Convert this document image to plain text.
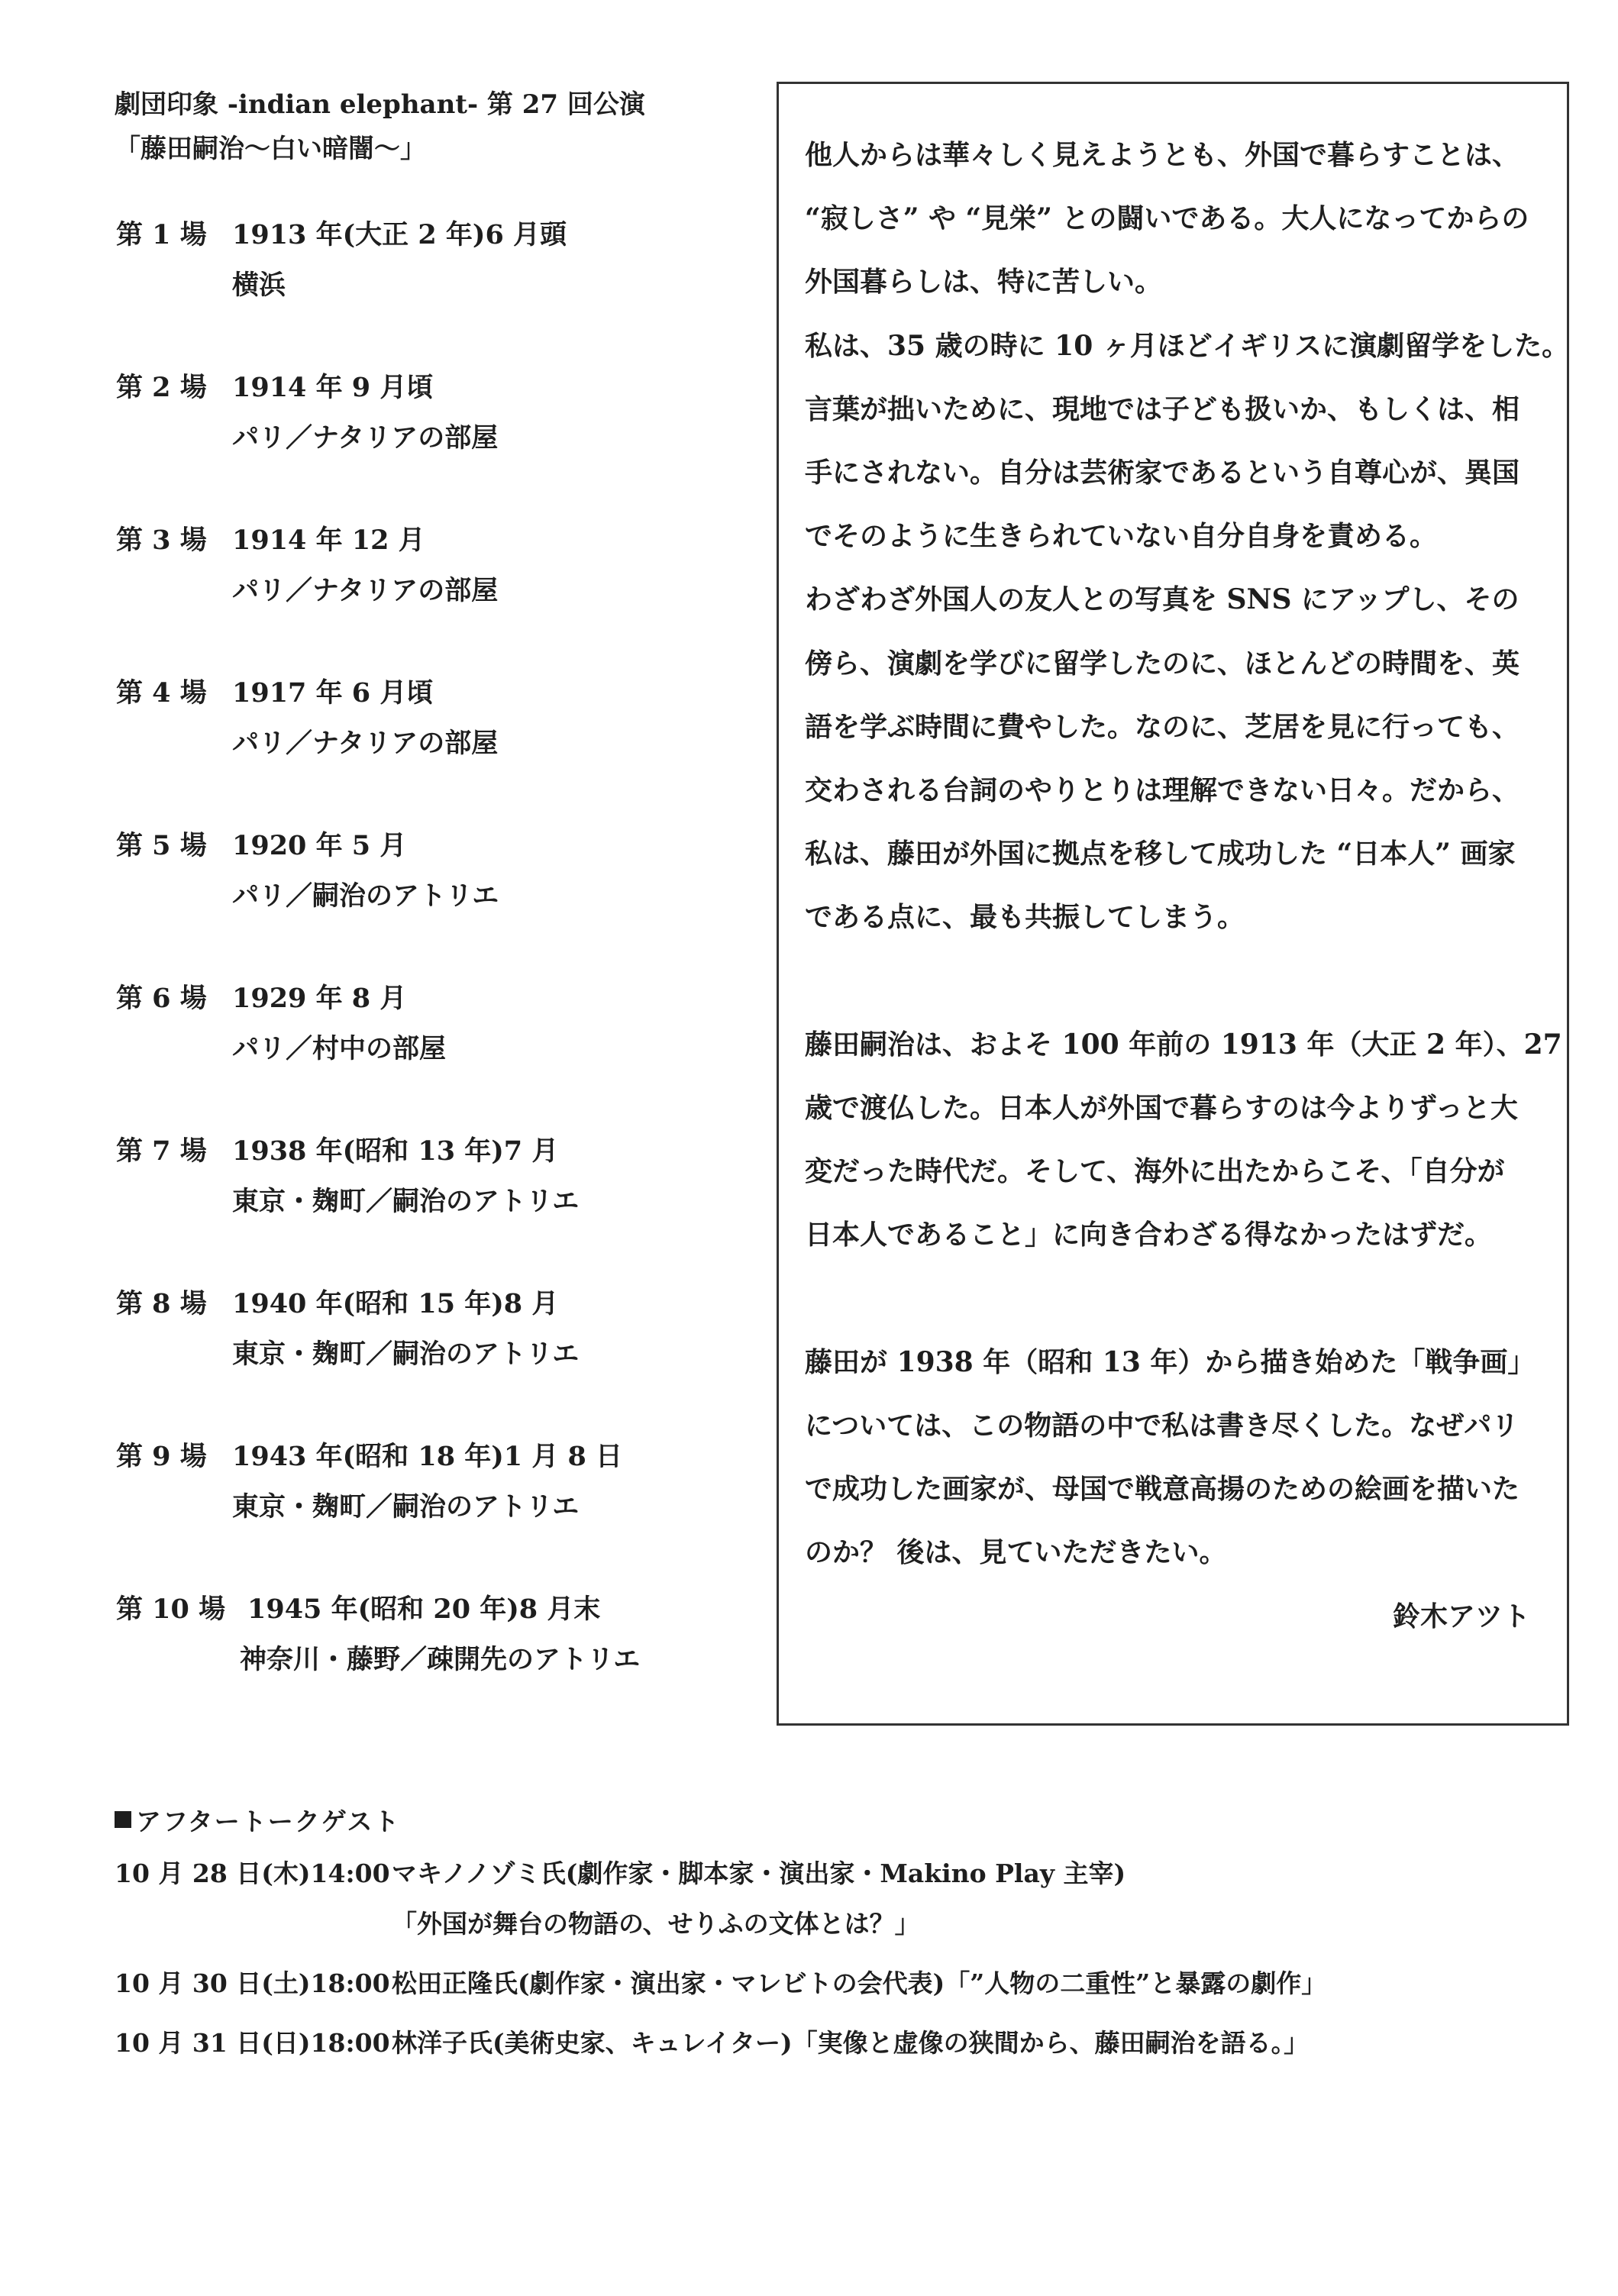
劇団印象 -indian elephant- 第 27 回公演
「藤田嗣治〜白い暗闇〜」
第 1 場 1913 年(大正 2 年)6 月頭
横浜
第 2 場 1914 年 9 月頃
パリ／ナタリアの部屋
第 3 場 1914 年 12 月
パリ／ナタリアの部屋
第 4 場 1917 年 6 月頃
パリ／ナタリアの部屋
第 5 場 1920 年 5 月
パリ／嗣治のアトリエ
第 6 場 1929 年 8 月
パリ／村中の部屋
第 7 場 1938 年(昭和 13 年)7 月
東京・麹町／嗣治のアトリエ
第 8 場 1940 年(昭和 15 年)8 月
東京・麹町／嗣治のアトリエ
第 9 場 1943 年(昭和 18 年)1 月 8 日
東京・麹町／嗣治のアトリエ
第 10 場 1945 年(昭和 20 年)8 月末
神奈川・藤野／疎開先のアトリエ

他人からは華々しく見えようとも、外国で暮らすことは、

“寂しさ” や “見栄” との闘いである。大人になってからの

外国暮らしは、特に苦しい。

私は、35 歳の時に 10 ヶ月ほどイギリスに演劇留学をした。

言葉が拙いために、現地では子ども扱いか、もしくは、相

手にされない。自分は芸術家であるという自尊心が、異国

でそのように生きられていない自分自身を責める。

わざわざ外国人の友人との写真を SNS にアップし、その

傍ら、演劇を学びに留学したのに、ほとんどの時間を、英

語を学ぶ時間に費やした。なのに、芝居を見に行っても、

交わされる台詞のやりとりは理解できない日々。だから、

私は、藤田が外国に拠点を移して成功した “日本人” 画家

である点に、最も共振してしまう。

藤田嗣治は、およそ 100 年前の 1913 年（大正 2 年）、27

歳で渡仏した。日本人が外国で暮らすのは今よりずっと大

変だった時代だ。そして、海外に出たからこそ、「自分が

日本人であること」に向き合わざる得なかったはずだ。

藤田が 1938 年（昭和 13 年）から描き始めた「戦争画」

については、この物語の中で私は書き尽くした。なぜパリ

で成功した画家が、母国で戦意高揚のための絵画を描いた

のか？ 後は、見ていただきたい。

鈴木アツト

アフタートークゲスト
10 月 28 日(木)14:00 マキノノゾミ氏(劇作家・脚本家・演出家・Makino Play 主宰)
「外国が舞台の物語の、せりふの文体とは？」
10 月 30 日(土)18:00 松田正隆氏(劇作家・演出家・マレビトの会代表)「”人物の二重性”と暴露の劇作」
10 月 31 日(日)18:00 林洋子氏(美術史家、キュレイター)「実像と虚像の狭間から、藤田嗣治を語る。」
